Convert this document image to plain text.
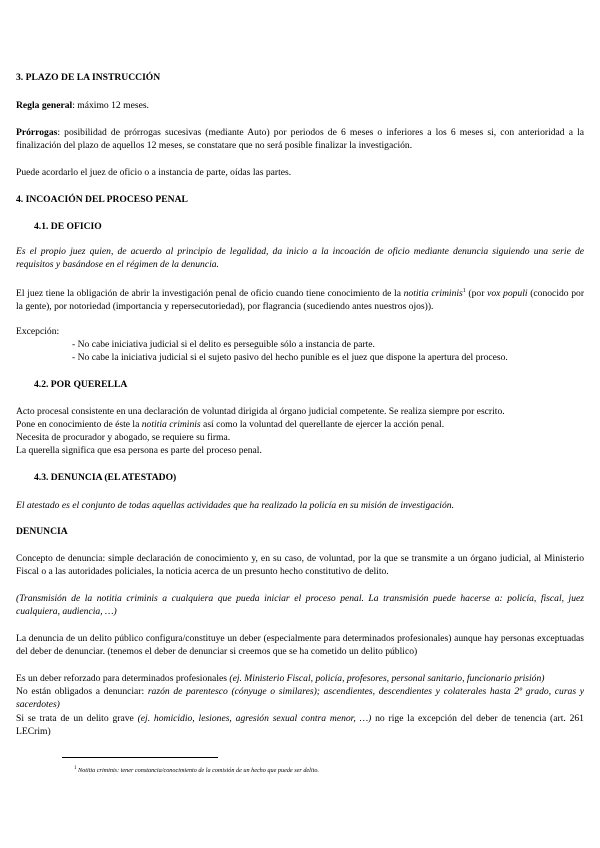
3. PLAZO DE LA INSTRUCCIÓN

Regla general: máximo 12 meses.

Prórrogas: posibilidad de prórrogas sucesivas (mediante Auto) por periodos de 6 meses o inferiores a los 6 meses si, con anterioridad a la finalización del plazo de aquellos 12 meses, se constatare que no será posible finalizar la investigación.

Puede acordarlo el juez de oficio o a instancia de parte, oídas las partes.

4. INCOACIÓN DEL PROCESO PENAL

4.1. DE OFICIO

Es el propio juez quien, de acuerdo al principio de legalidad, da inicio a la incoación de oficio mediante denuncia siguiendo una serie de requisitos y basándose en el régimen de la denuncia.

El juez tiene la obligación de abrir la investigación penal de oficio cuando tiene conocimiento de la notitia criminis$^1$ (por vox populi (conocido por la gente), por notoriedad (importancia y repersecutoriedad), por flagrancia (sucediendo antes nuestros ojos)).

Excepción:

- No cabe iniciativa judicial si el delito es perseguible sólo a instancia de parte.

- No cabe la iniciativa judicial si el sujeto pasivo del hecho punible es el juez que dispone la apertura del proceso.

4.2. POR QUERELLA

Acto procesal consistente en una declaración de voluntad dirigida al órgano judicial competente. Se realiza siempre por escrito.

Pone en conocimiento de éste la notitia criminis así como la voluntad del querellante de ejercer la acción penal.

Necesita de procurador y abogado, se requiere su firma.

La querella significa que esa persona es parte del proceso penal.

4.3. DENUNCIA (EL ATESTADO)

El atestado es el conjunto de todas aquellas actividades que ha realizado la policía en su misión de investigación.

DENUNCIA

Concepto de denuncia: simple declaración de conocimiento y, en su caso, de voluntad, por la que se transmite a un órgano judicial, al Ministerio Fiscal o a las autoridades policiales, la noticia acerca de un presunto hecho constitutivo de delito.

(Transmisión de la notitia criminis a cualquiera que pueda iniciar el proceso penal. La transmisión puede hacerse a: policía, fiscal, juez cualquiera, audiencia, …)

La denuncia de un delito público configura/constituye un deber (especialmente para determinados profesionales) aunque hay personas exceptuadas del deber de denunciar. (tenemos el deber de denunciar si creemos que se ha cometido un delito público)

Es un deber reforzado para determinados profesionales (ej. Ministerio Fiscal, policía, profesores, personal sanitario, funcionario prisión)

No están obligados a denunciar: razón de parentesco (cónyuge o similares); ascendientes, descendientes y colaterales hasta 2º grado, curas y sacerdotes)

Si se trata de un delito grave (ej. homicidio, lesiones, agresión sexual contra menor, …) no rige la excepción del deber de tenencia (art. 261 LECrim)

$^1$ Notitia criminis: tener constancia/conocimiento de la comisión de un hecho que puede ser delito.
